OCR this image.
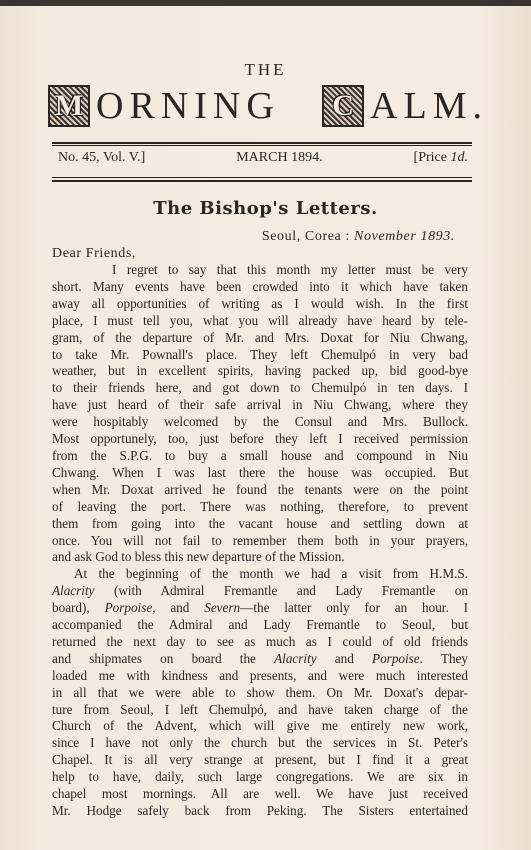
THE
M ORNING C ALM.
No. 45, Vol. V.]	MARCH 1894.	[Price 1d.
The Bishop's Letters.
Seoul, Corea : November 1893.
Dear Friends,
I regret to say that this month my letter must be very
short. Many events have been crowded into it which have taken
away all opportunities of writing as I would wish. In the first
place, I must tell you, what you will already have heard by tele-
gram, of the departure of Mr. and Mrs. Doxat for Niu Chwang,
to take Mr. Pownall's place. They left Chemulpó in very bad
weather, but in excellent spirits, having packed up, bid good-bye
to their friends here, and got down to Chemulpó in ten days. I
have just heard of their safe arrival in Niu Chwang, where they
were hospitably welcomed by the Consul and Mrs. Bullock.
Most opportunely, too, just before they left I received permission
from the S.P.G. to buy a small house and compound in Niu
Chwang. When I was last there the house was occupied. But
when Mr. Doxat arrived he found the tenants were on the point
of leaving the port. There was nothing, therefore, to prevent
them from going into the vacant house and settling down at
once. You will not fail to remember them both in your prayers,
and ask God to bless this new departure of the Mission.
At the beginning of the month we had a visit from H.M.S.
Alacrity (with Admiral Fremantle and Lady Fremantle on
board), Porpoise, and Severn—the latter only for an hour. I
accompanied the Admiral and Lady Fremantle to Seoul, but
returned the next day to see as much as I could of old friends
and shipmates on board the Alacrity and Porpoise. They
loaded me with kindness and presents, and were much interested
in all that we were able to show them. On Mr. Doxat's depar-
ture from Seoul, I left Chemulpó, and have taken charge of the
Church of the Advent, which will give me entirely new work,
since I have not only the church but the services in St. Peter's
Chapel. It is all very strange at present, but I find it a great
help to have, daily, such large congregations. We are six in
chapel most mornings. All are well. We have just received
Mr. Hodge safely back from Peking. The Sisters entertained
